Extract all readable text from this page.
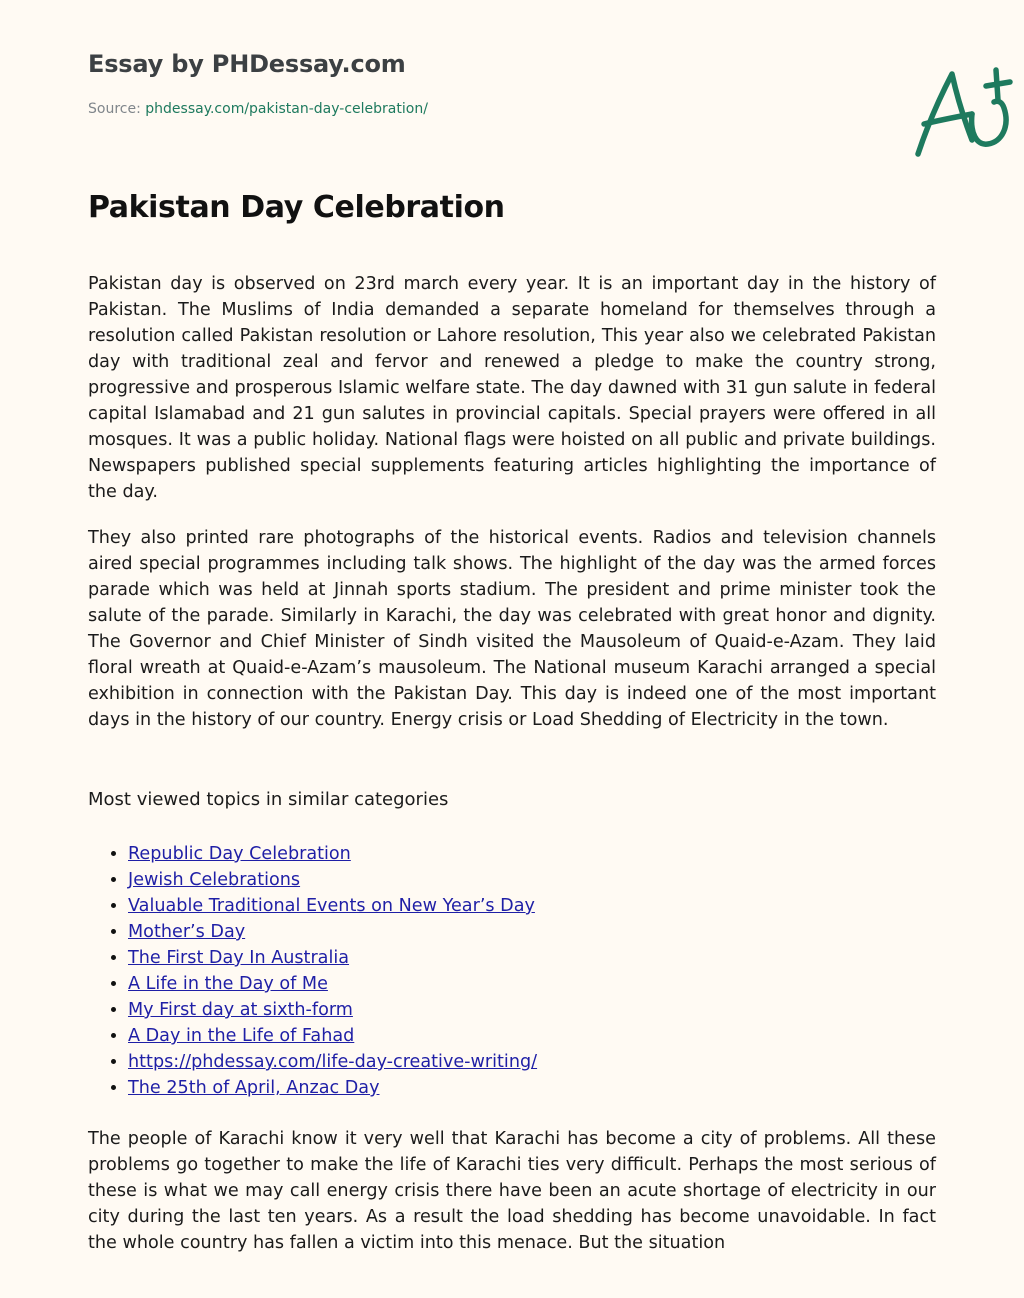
Essay by PHDessay.com
Source: phdessay.com/pakistan-day-celebration/
Pakistan Day Celebration

Pakistan day is observed on 23rd march every year. It is an important day in the history of Pakistan. The Muslims of India demanded a separate homeland for themselves through a resolution called Pakistan resolution or Lahore resolution, This year also we celebrated Pakistan day with traditional zeal and fervor and renewed a pledge to make the country strong, progressive and prosperous Islamic welfare state. The day dawned with 31 gun salute in federal capital Islamabad and 21 gun salutes in provincial capitals. Special prayers were offered in all mosques. It was a public holiday. National flags were hoisted on all public and private buildings. Newspapers published special supplements featuring articles highlighting the importance of the day.

They also printed rare photographs of the historical events. Radios and television channels aired special programmes including talk shows. The highlight of the day was the armed forces parade which was held at Jinnah sports stadium. The president and prime minister took the salute of the parade. Similarly in Karachi, the day was celebrated with great honor and dignity. The Governor and Chief Minister of Sindh visited the Mausoleum of Quaid-e-Azam. They laid floral wreath at Quaid-e-Azam’s mausoleum. The National museum Karachi arranged a special exhibition in connection with the Pakistan Day. This day is indeed one of the most important days in the history of our country. Energy crisis or Load Shedding of Electricity in the town.

Most viewed topics in similar categories

• Republic Day Celebration
• Jewish Celebrations
• Valuable Traditional Events on New Year’s Day
• Mother’s Day
• The First Day In Australia
• A Life in the Day of Me
• My First day at sixth-form
• A Day in the Life of Fahad
• https://phdessay.com/life-day-creative-writing/
• The 25th of April, Anzac Day

The people of Karachi know it very well that Karachi has become a city of problems. All these problems go together to make the life of Karachi ties very difficult. Perhaps the most serious of these is what we may call energy crisis there have been an acute shortage of electricity in our city during the last ten years. As a result the load shedding has become unavoidable. In fact the whole country has fallen a victim into this menace. But the situation
